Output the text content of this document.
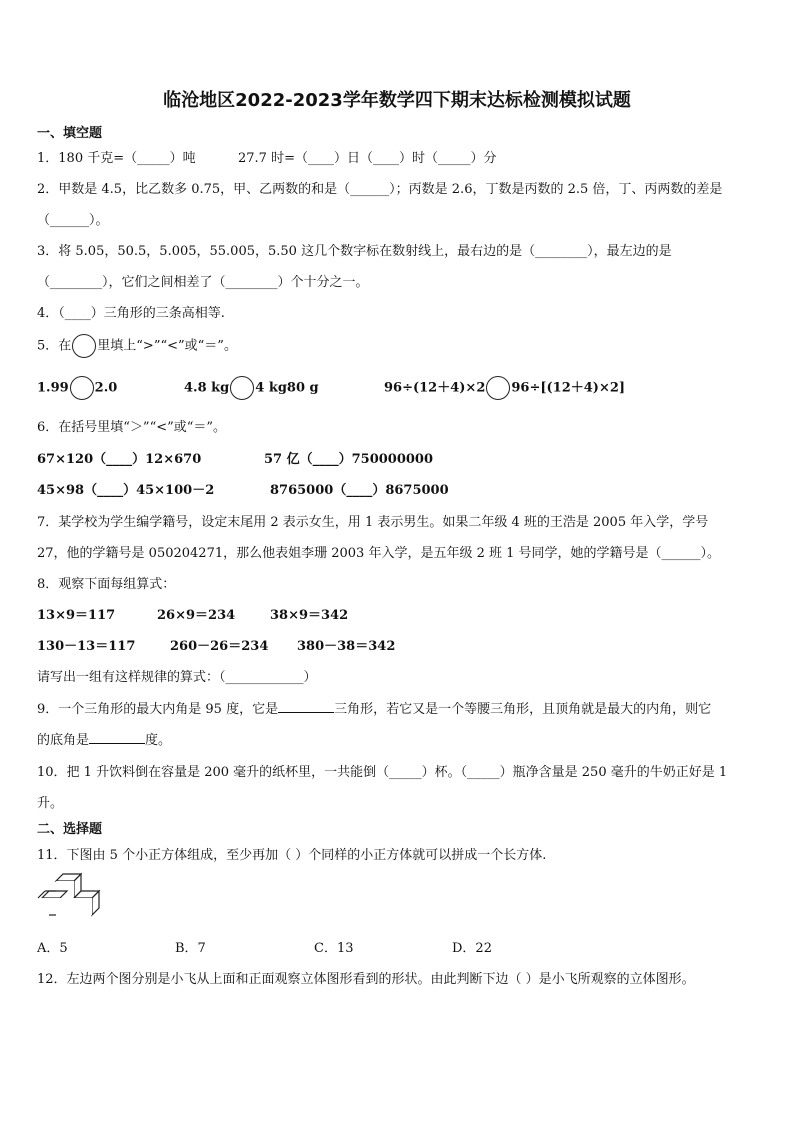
临沧地区2022-2023学年数学四下期末达标检测模拟试题
一、填空题
1．180 千克=（_____）吨	27.7 时=（____）日（____）时（_____）分
2．甲数是 4.5，比乙数多 0.75，甲、乙两数的和是（______）；丙数是 2.6，丁数是丙数的 2.5 倍，丁、丙两数的差是
（______）。
3．将 5.05，50.5，5.005，55.005，5.50 这几个数字标在数射线上，最右边的是（________），最左边的是
（________），它们之间相差了（________）个十分之一。
4．（____）三角形的三条高相等.
5．在 里填上“>”“<”或“＝”。
1.99 2.0	4.8 kg 4 kg80 g	96÷(12＋4)×2 96÷[(12＋4)×2]
6．在括号里填“＞”“<”或“＝”。
67×120（____）12×670	57 亿（____）750000000
45×98（____）45×100－2	8765000（____）8675000
7．某学校为学生编学籍号，设定末尾用 2 表示女生，用 1 表示男生。如果二年级 4 班的王浩是 2005 年入学，学号
27，他的学籍号是 050204271，那么他表姐李珊 2003 年入学，是五年级 2 班 1 号同学，她的学籍号是（______）。
8．观察下面每组算式：
13×9＝117	26×9＝234	38×9＝342
130－13＝117	260－26＝234 380－38＝342
请写出一组有这样规律的算式：（____________）
9．一个三角形的最大内角是 95 度，它是	三角形，若它又是一个等腰三角形，且顶角就是最大的内角，则它
的底角是	度。
10．把 1 升饮料倒在容量是 200 毫升的纸杯里，一共能倒（_____）杯。（_____）瓶净含量是 250 毫升的牛奶正好是 1
升。
二、选择题
11．下图由 5 个小正方体组成，至少再加（ ）个同样的小正方体就可以拼成一个长方体.
A．5	B．7	C．13	D．22
12．左边两个图分别是小飞从上面和正面观察立体图形看到的形状。由此判断下边（ ）是小飞所观察的立体图形。
